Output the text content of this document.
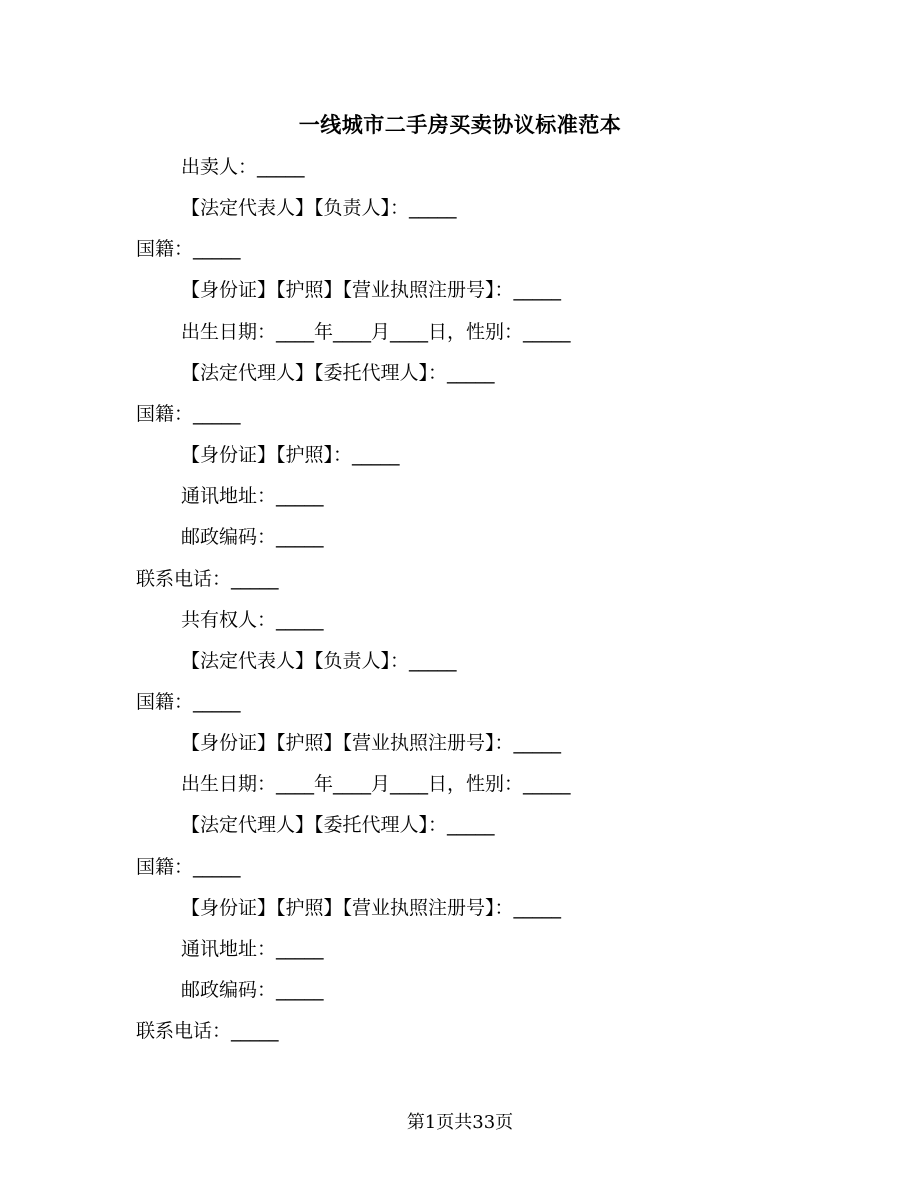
一线城市二手房买卖协议标准范本
出卖人：_____
【法定代表人】【负责人】：_____
国籍：_____
【身份证】【护照】【营业执照注册号】：_____
出生日期：____年____月____日，性别：_____
【法定代理人】【委托代理人】：_____
国籍：_____
【身份证】【护照】：_____
通讯地址：_____
邮政编码：_____
联系电话：_____
共有权人：_____
【法定代表人】【负责人】：_____
国籍：_____
【身份证】【护照】【营业执照注册号】：_____
出生日期：____年____月____日，性别：_____
【法定代理人】【委托代理人】：_____
国籍：_____
【身份证】【护照】【营业执照注册号】：_____
通讯地址：_____
邮政编码：_____
联系电话：_____
第1页共33页
